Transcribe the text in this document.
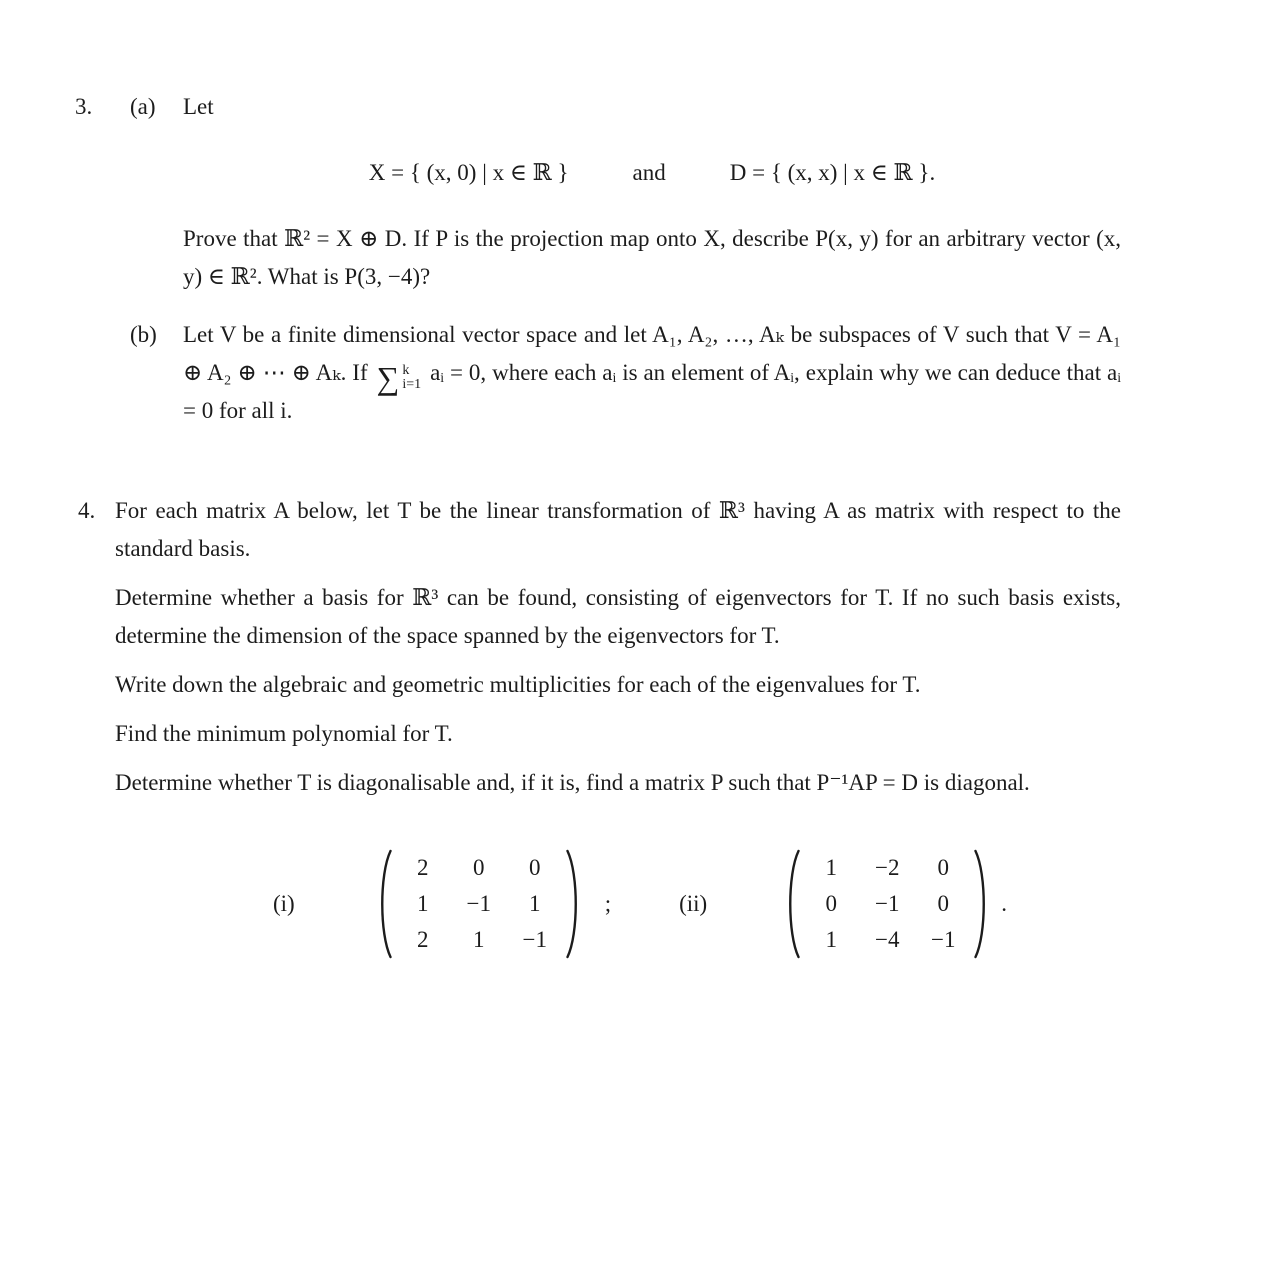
3.	(a)	Let

X = { (x, 0) | x ∈ ℝ }	and	D = { (x, x) | x ∈ ℝ }.

Prove that ℝ² = X ⊕ D. If P is the projection map onto X, describe P(x, y) for an arbitrary vector (x, y) ∈ ℝ². What is P(3, −4)?

(b)	Let V be a finite dimensional vector space and let A₁, A₂, …, Aₖ be subspaces of V such that V = A₁ ⊕ A₂ ⊕ ⋯ ⊕ Aₖ. If ∑ k
i=1 aᵢ = 0, where each aᵢ is an element of Aᵢ, explain why we can deduce that aᵢ = 0 for all i.

4. For each matrix A below, let T be the linear transformation of ℝ³ having A as matrix with respect to the standard basis.

Determine whether a basis for ℝ³ can be found, consisting of eigenvectors for T. If no such basis exists, determine the dimension of the space spanned by the eigenvectors for T.

Write down the algebraic and geometric multiplicities for each of the eigenvalues for T.

Find the minimum polynomial for T.

Determine whether T is diagonalisable and, if it is, find a matrix P such that P⁻¹AP = D is diagonal.

(i)
2	0	0
1	−1	1
2	1	−1
;	(ii)
1	−2	0
0	−1	0
1	−4	−1
.
